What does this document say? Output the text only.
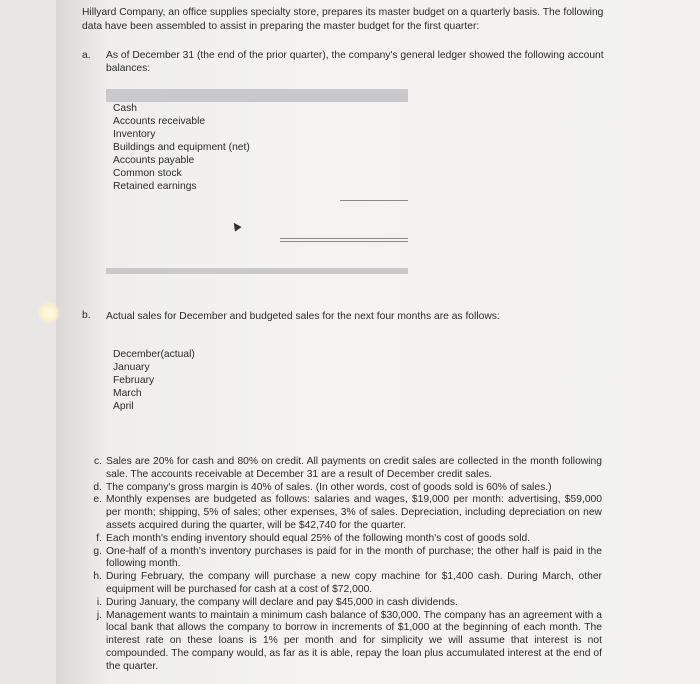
Hillyard Company, an office supplies specialty store, prepares its master budget on a quarterly basis. The following data have been assembled to assist in preparing the master budget for the first quarter:
a. As of December 31 (the end of the prior quarter), the company's general ledger showed the following account balances:
Cash
Accounts receivable
Inventory
Buildings and equipment (net)
Accounts payable
Common stock
Retained earnings
b. Actual sales for December and budgeted sales for the next four months are as follows:
December(actual)
January
February
March
April
c. Sales are 20% for cash and 80% on credit. All payments on credit sales are collected in the month following sale. The accounts receivable at December 31 are a result of December credit sales.
d. The company's gross margin is 40% of sales. (In other words, cost of goods sold is 60% of sales.)
e. Monthly expenses are budgeted as follows: salaries and wages, $19,000 per month: advertising, $59,000 per month; shipping, 5% of sales; other expenses, 3% of sales. Depreciation, including depreciation on new assets acquired during the quarter, will be $42,740 for the quarter.
f. Each month's ending inventory should equal 25% of the following month's cost of goods sold.
g. One-half of a month's inventory purchases is paid for in the month of purchase; the other half is paid in the following month.
h. During February, the company will purchase a new copy machine for $1,400 cash. During March, other equipment will be purchased for cash at a cost of $72,000.
i. During January, the company will declare and pay $45,000 in cash dividends.
j. Management wants to maintain a minimum cash balance of $30,000. The company has an agreement with a local bank that allows the company to borrow in increments of $1,000 at the beginning of each month. The interest rate on these loans is 1% per month and for simplicity we will assume that interest is not compounded. The company would, as far as it is able, repay the loan plus accumulated interest at the end of the quarter.
